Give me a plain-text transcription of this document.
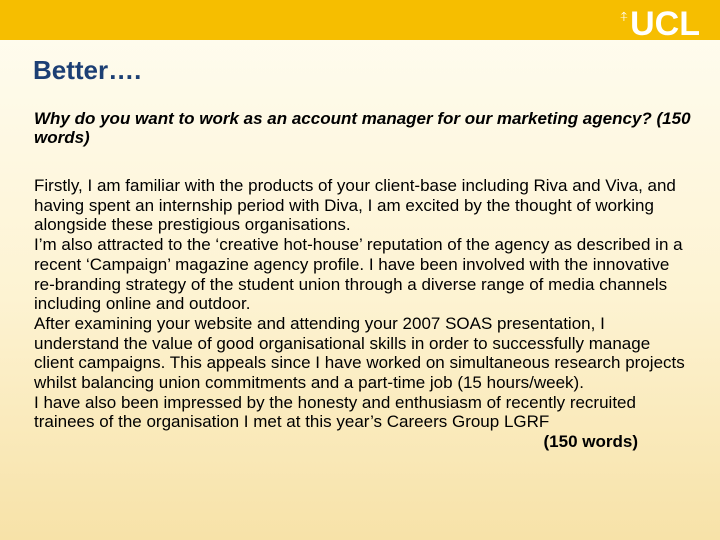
⍏ UCL
Better….

Why do you want to work as an account manager for our marketing agency? (150 words)

Firstly, I am familiar with the products of your client-base including Riva and Viva, and having spent an internship period with Diva, I am excited by the thought of working alongside these prestigious organisations.

I’m also attracted to the ‘creative hot-house’ reputation of the agency as described in a recent ‘Campaign’ magazine agency profile. I have been involved with the innovative re-branding strategy of the student union through a diverse range of media channels including online and outdoor.

After examining your website and attending your 2007 SOAS presentation, I understand the value of good organisational skills in order to successfully manage client campaigns. This appeals since I have worked on simultaneous research projects whilst balancing union commitments and a part-time job (15 hours/week).

I have also been impressed by the honesty and enthusiasm of recently recruited trainees of the organisation I met at this year’s Careers Group LGRF
(150 words)
